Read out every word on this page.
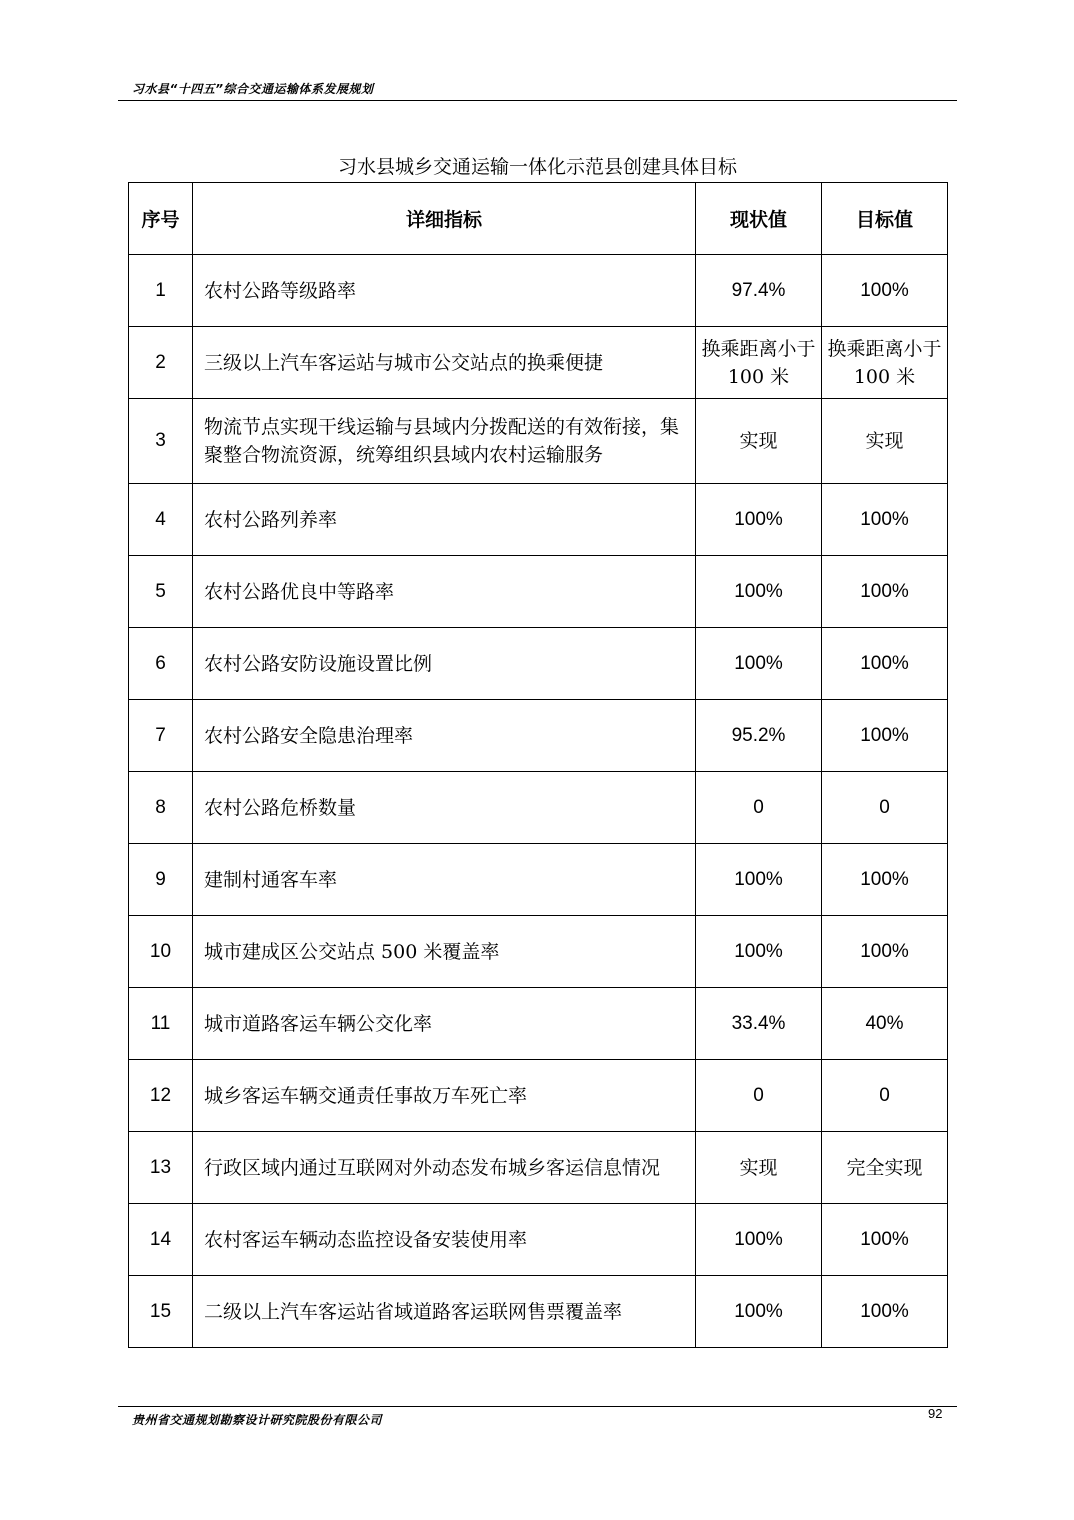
习水县“十四五”综合交通运输体系发展规划
习水县城乡交通运输一体化示范县创建具体目标
序号	详细指标	现状值	目标值
1	农村公路等级路率	97.4%	100%
2	三级以上汽车客运站与城市公交站点的换乘便捷	换乘距离小于 100 米	换乘距离小于 100 米
3	物流节点实现干线运输与县域内分拨配送的有效衔接，集聚整合物流资源，统筹组织县域内农村运输服务	实现	实现
4	农村公路列养率	100%	100%
5	农村公路优良中等路率	100%	100%
6	农村公路安防设施设置比例	100%	100%
7	农村公路安全隐患治理率	95.2%	100%
8	农村公路危桥数量	0	0
9	建制村通客车率	100%	100%
10	城市建成区公交站点 500 米覆盖率	100%	100%
11	城市道路客运车辆公交化率	33.4%	40%
12	城乡客运车辆交通责任事故万车死亡率	0	0
13	行政区域内通过互联网对外动态发布城乡客运信息情况	实现	完全实现
14	农村客运车辆动态监控设备安装使用率	100%	100%
15	二级以上汽车客运站省域道路客运联网售票覆盖率	100%	100%
贵州省交通规划勘察设计研究院股份有限公司	92
